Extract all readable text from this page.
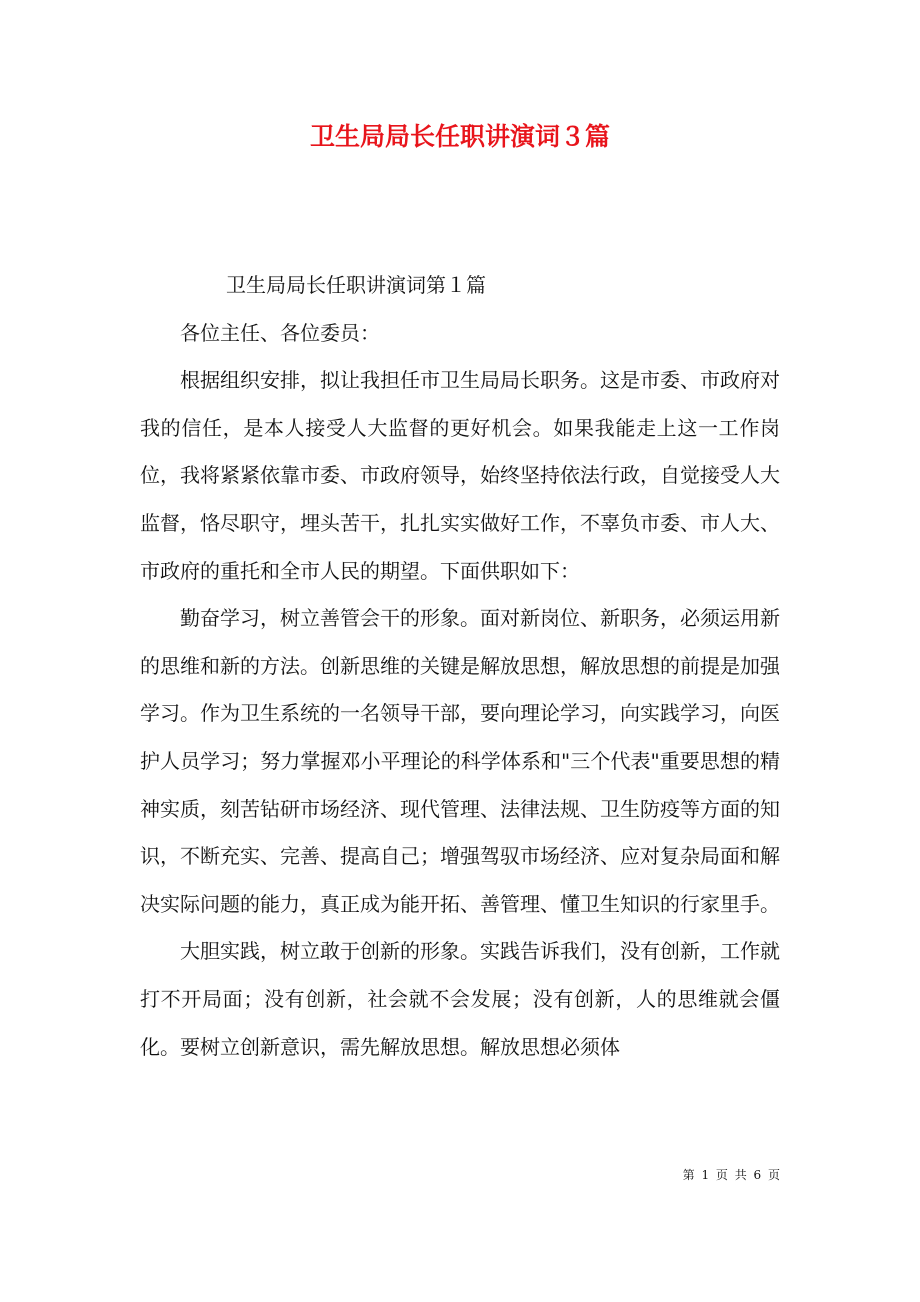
卫生局局长任职讲演词３篇

卫生局局长任职讲演词第１篇

各位主任、各位委员：

根据组织安排，拟让我担任市卫生局局长职务。这是市委、市政府对我的信任，是本人接受人大监督的更好机会。如果我能走上这一工作岗位，我将紧紧依靠市委、市政府领导，始终坚持依法行政，自觉接受人大监督，恪尽职守，埋头苦干，扎扎实实做好工作，不辜负市委、市人大、市政府的重托和全市人民的期望。下面供职如下：

勤奋学习，树立善管会干的形象。面对新岗位、新职务，必须运用新的思维和新的方法。创新思维的关键是解放思想，解放思想的前提是加强学习。作为卫生系统的一名领导干部，要向理论学习，向实践学习，向医护人员学习；努力掌握邓小平理论的科学体系和"三个代表"重要思想的精神实质，刻苦钻研市场经济、现代管理、法律法规、卫生防疫等方面的知识，不断充实、完善、提高自己；增强驾驭市场经济、应对复杂局面和解决实际问题的能力，真正成为能开拓、善管理、懂卫生知识的行家里手。

大胆实践，树立敢于创新的形象。实践告诉我们，没有创新，工作就打不开局面；没有创新，社会就不会发展；没有创新，人的思维就会僵化。要树立创新意识，需先解放思想。解放思想必须体

第 1 页 共 6 页
